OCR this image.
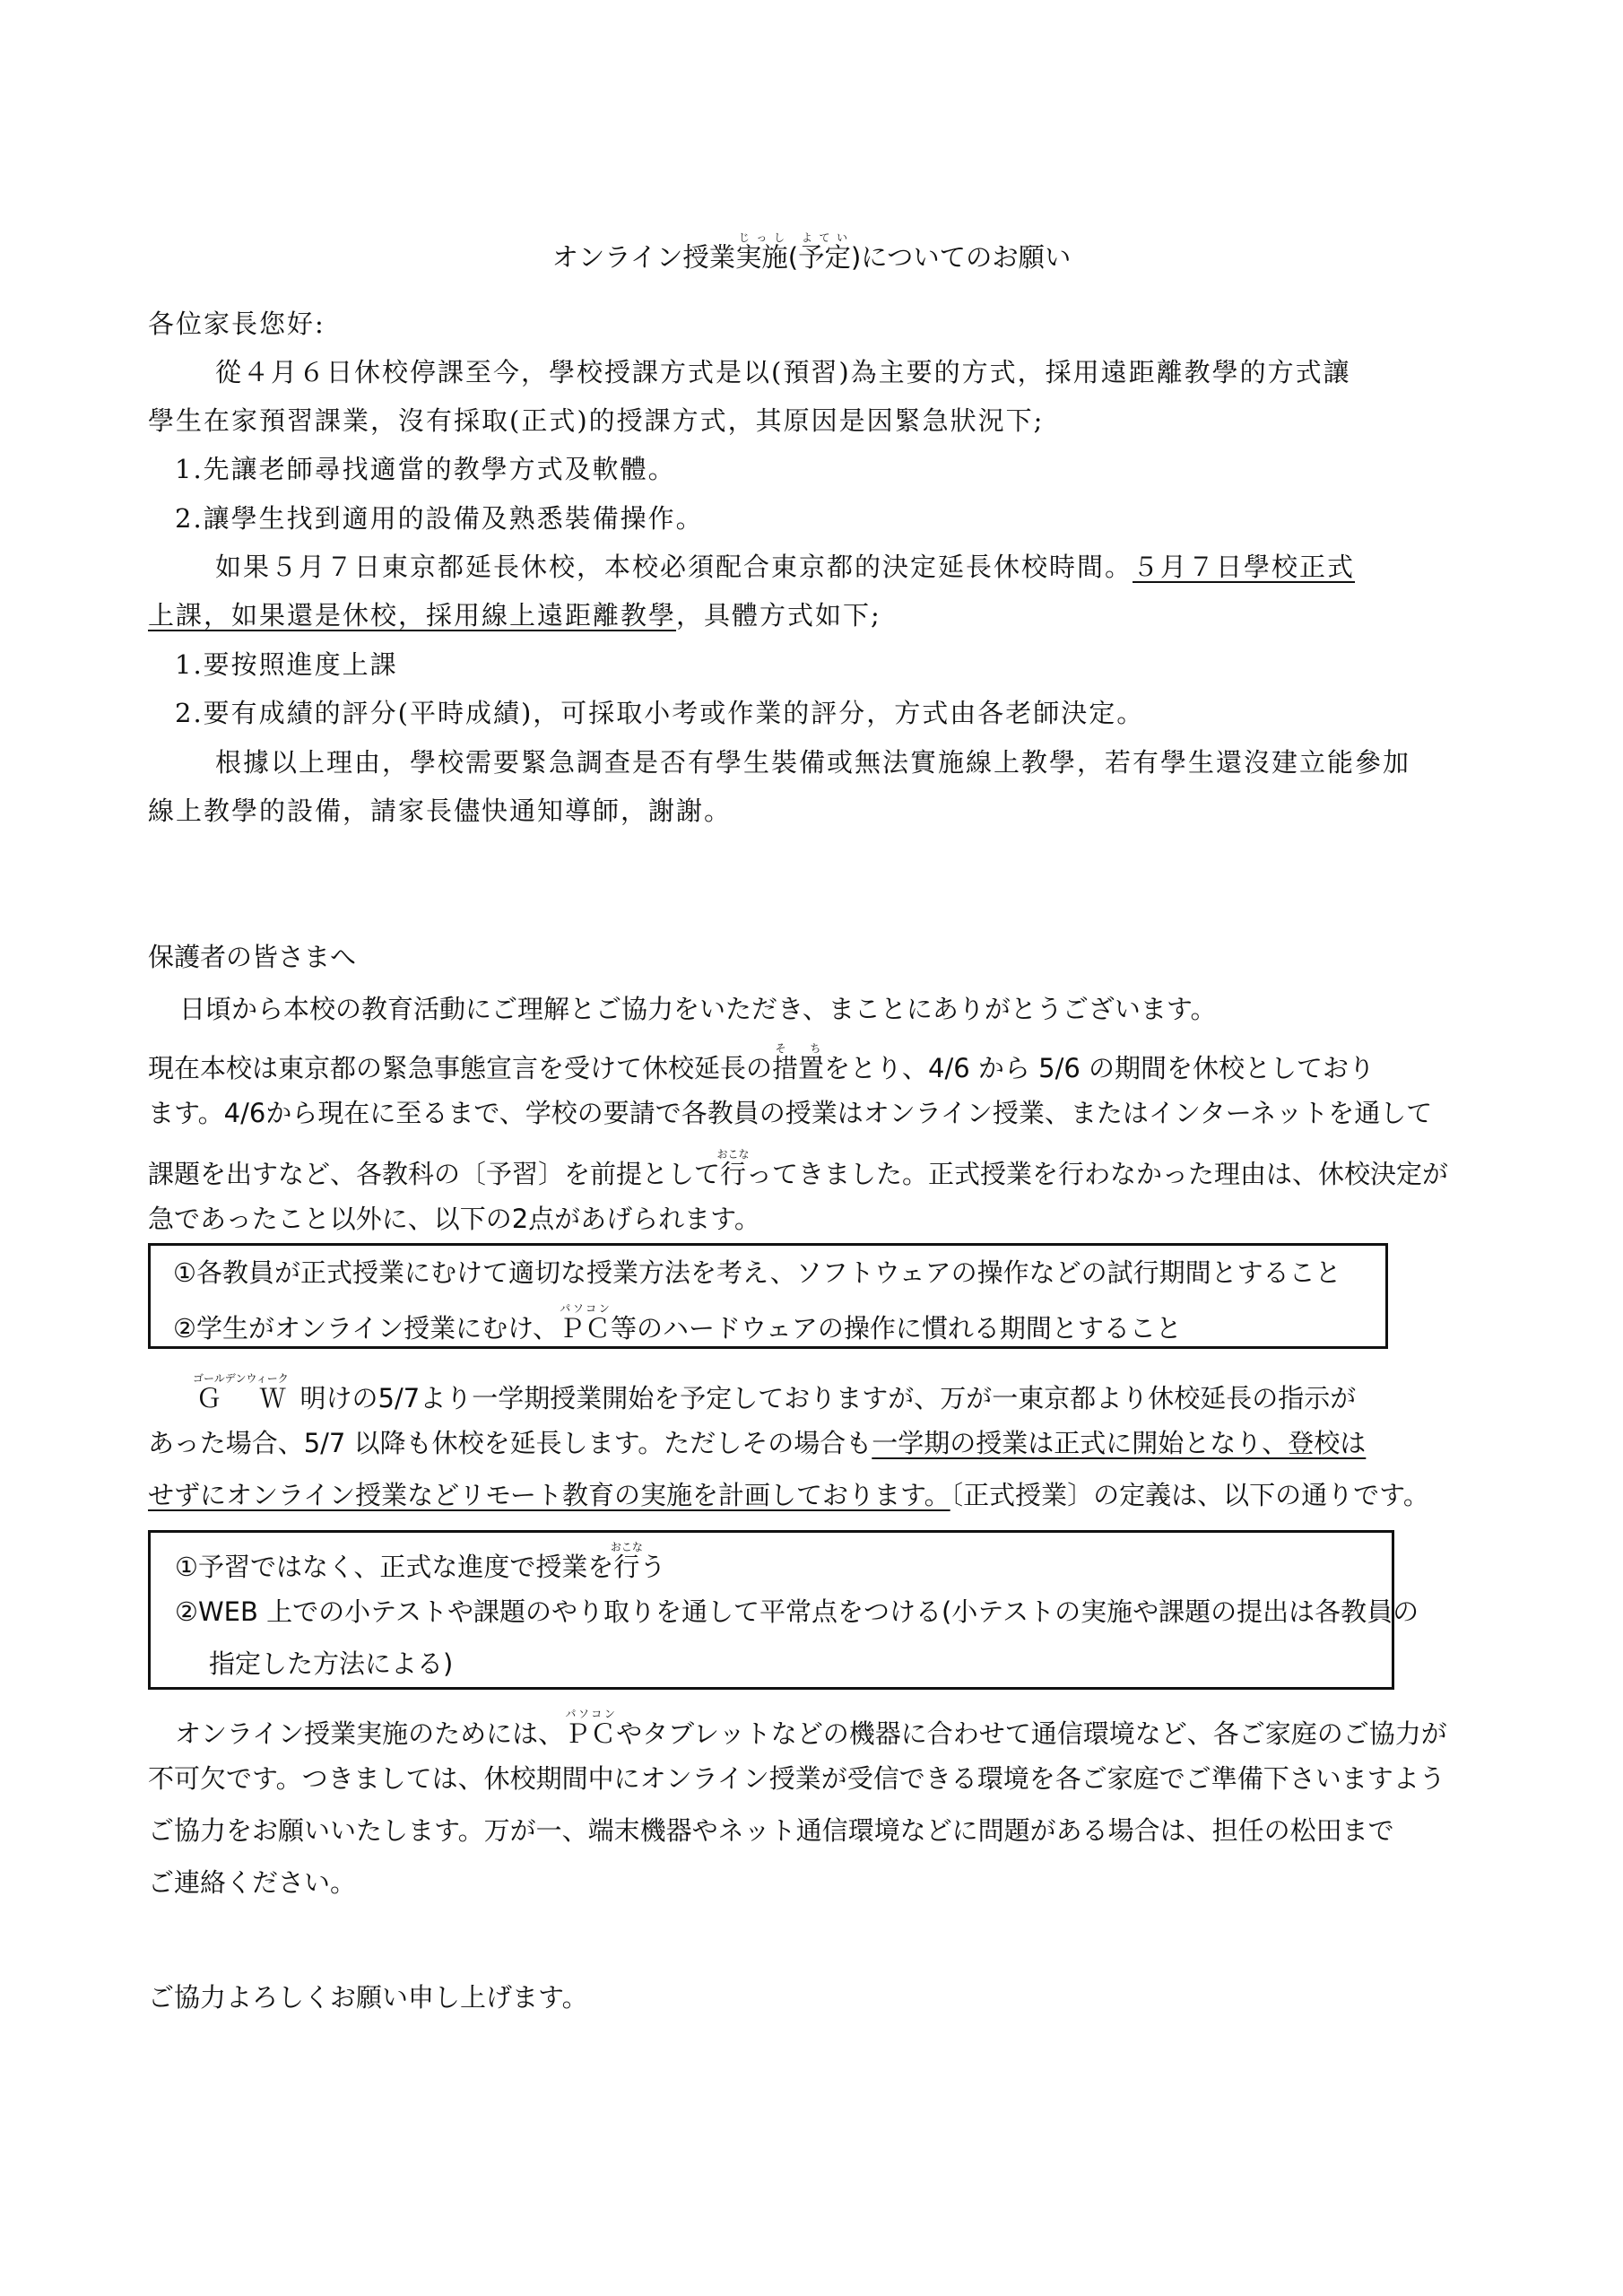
オンライン授業実施じっし(予定よてい)についてのお願い
各位家長您好:
從４月６日休校停課至今，學校授課方式是以(預習)為主要的方式，採用遠距離教學的方式讓
學生在家預習課業，沒有採取(正式)的授課方式，其原因是因緊急狀況下;
1.先讓老師尋找適當的教學方式及軟體。
2.讓學生找到適用的設備及熟悉裝備操作。
如果５月７日東京都延長休校，本校必須配合東京都的決定延長休校時間。５月７日學校正式
上課，如果還是休校，採用線上遠距離教學，具體方式如下;
1.要按照進度上課
2.要有成績的評分(平時成績)，可採取小考或作業的評分，方式由各老師決定。
根據以上理由，學校需要緊急調查是否有學生裝備或無法實施線上教學，若有學生還沒建立能參加
線上教學的設備，請家長儘快通知導師，謝謝。
保護者の皆さまへ
日頃から本校の教育活動にご理解とご協力をいただき、まことにありがとうございます。
現在本校は東京都の緊急事態宣言を受けて休校延長の措置そ　ちをとり、4/6 から 5/6 の期間を休校としており
ます。4/6から現在に至るまで、学校の要請で各教員の授業はオンライン授業、またはインターネットを通して
課題を出すなど、各教科の〔予習〕を前提として行おこなってきました。正式授業を行わなかった理由は、休校決定が
急であったこと以外に、以下の2点があげられます。
①各教員が正式授業にむけて適切な授業方法を考え、ソフトウェアの操作などの試行期間とすること
②学生がオンライン授業にむけ、ＰＣパソコン等のハードウェアの操作に慣れる期間とすること
Ｇ　Ｗゴールデンウィーク明けの5/7より一学期授業開始を予定しておりますが、万が一東京都より休校延長の指示が
あった場合、5/7 以降も休校を延長します。ただしその場合も一学期の授業は正式に開始となり、登校は
せずにオンライン授業などリモート教育の実施を計画しております。〔正式授業〕の定義は、以下の通りです。
①予習ではなく、正式な進度で授業を行おこなう
②WEB 上での小テストや課題のやり取りを通して平常点をつける(小テストの実施や課題の提出は各教員の
指定した方法による)
オンライン授業実施のためには、ＰＣパソコンやタブレットなどの機器に合わせて通信環境など、各ご家庭のご協力が
不可欠です。つきましては、休校期間中にオンライン授業が受信できる環境を各ご家庭でご準備下さいますよう
ご協力をお願いいたします。万が一、端末機器やネット通信環境などに問題がある場合は、担任の松田まで
ご連絡ください。
ご協力よろしくお願い申し上げます。
